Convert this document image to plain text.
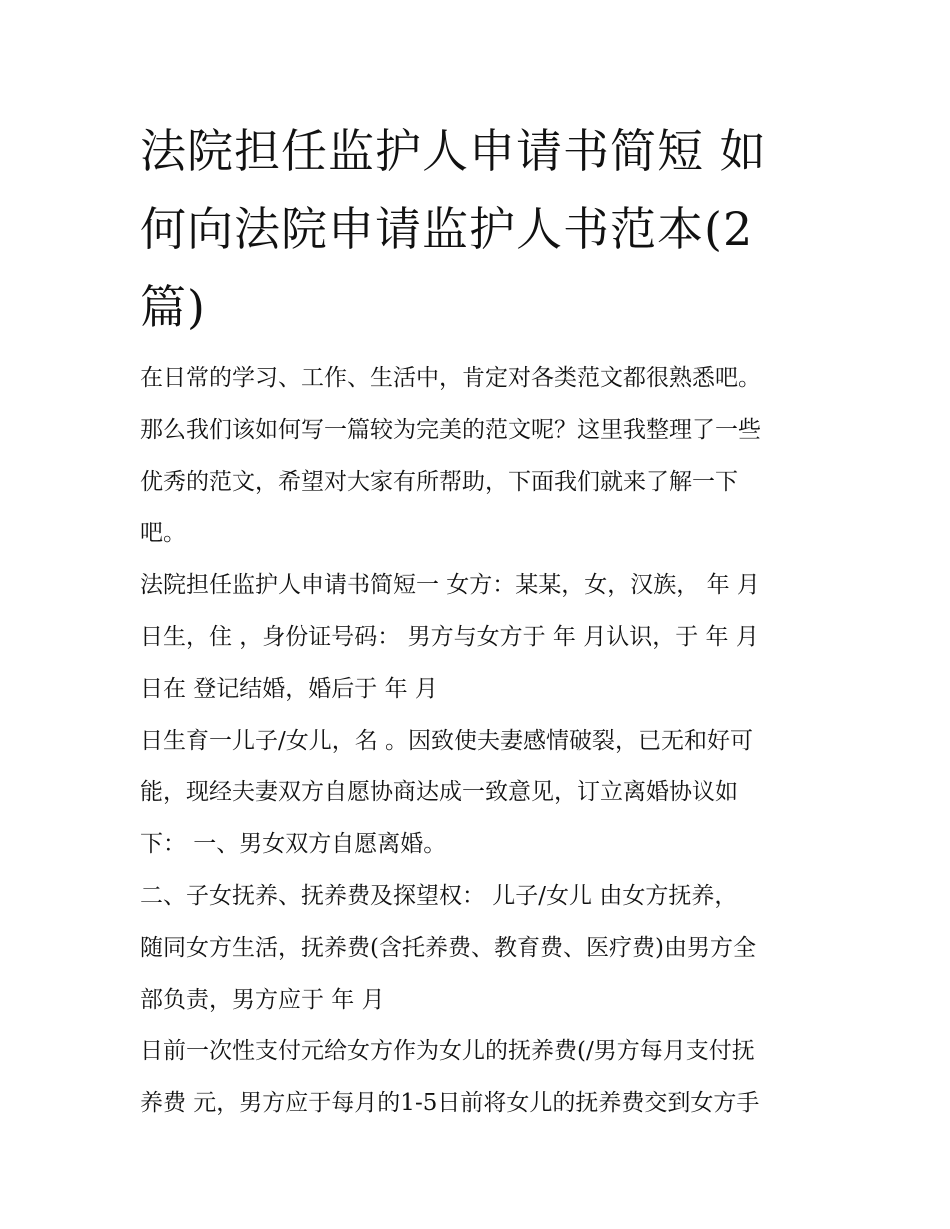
法院担任监护人申请书简短 如
何向法院申请监护人书范本(2
篇)
在日常的学习、工作、生活中，肯定对各类范文都很熟悉吧。
那么我们该如何写一篇较为完美的范文呢？这里我整理了一些
优秀的范文，希望对大家有所帮助，下面我们就来了解一下
吧。
法院担任监护人申请书简短一 女方：某某，女，汉族， 年 月
日生，住 ，身份证号码： 男方与女方于 年 月认识，于 年 月
日在 登记结婚，婚后于 年 月
日生育一儿子/女儿，名 。因致使夫妻感情破裂，已无和好可
能，现经夫妻双方自愿协商达成一致意见，订立离婚协议如
下： 一、男女双方自愿离婚。
二、子女抚养、抚养费及探望权： 儿子/女儿 由女方抚养，
随同女方生活，抚养费(含托养费、教育费、医疗费)由男方全
部负责，男方应于 年 月
日前一次性支付元给女方作为女儿的抚养费(/男方每月支付抚
养费 元，男方应于每月的1-5日前将女儿的抚养费交到女方手
